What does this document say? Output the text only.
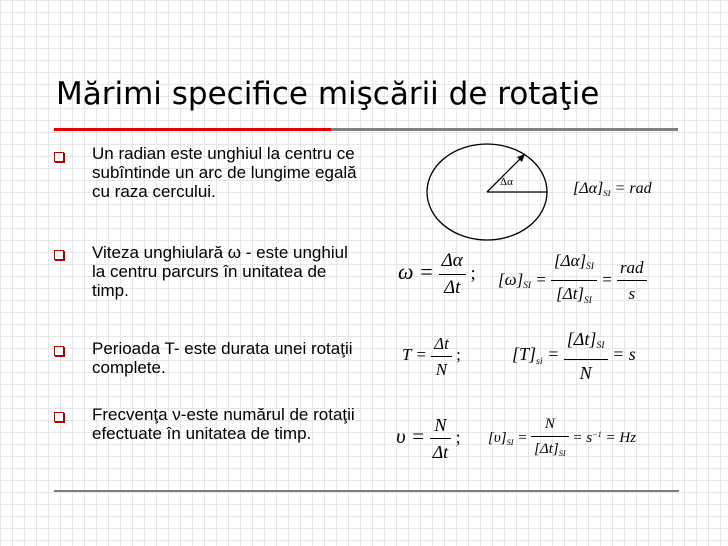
Mărimi specifice mişcării de rotaţie
Un radian este unghiul la centru ce subîntinde un arc de lungime egală cu raza cercului.
Viteza unghiulară ω - este unghiul la centru parcurs în unitatea de timp.
Perioada T- este durata unei rotaţii complete.
Frecvenţa ν-este numărul de rotaţii efectuate în unitatea de timp.
Δα	[Δα]SI = rad
$\omega = \frac{\Delta\alpha}{\Delta t}$ ; $[\omega]SI = \frac{[\Delta\alpha]SI}{[\Delta t]SI} = \frac{\text{rad}}{s}$
$T = \frac{\Delta t}{N}$ ;	$[T]si = \frac{[\Delta t]SI}{N} = s$
$\upsilon = \frac{N}{\Delta t}$ ; $[\upsilon]SI = \frac{N}{[\Delta t]SI} = s-1 = Hz$
